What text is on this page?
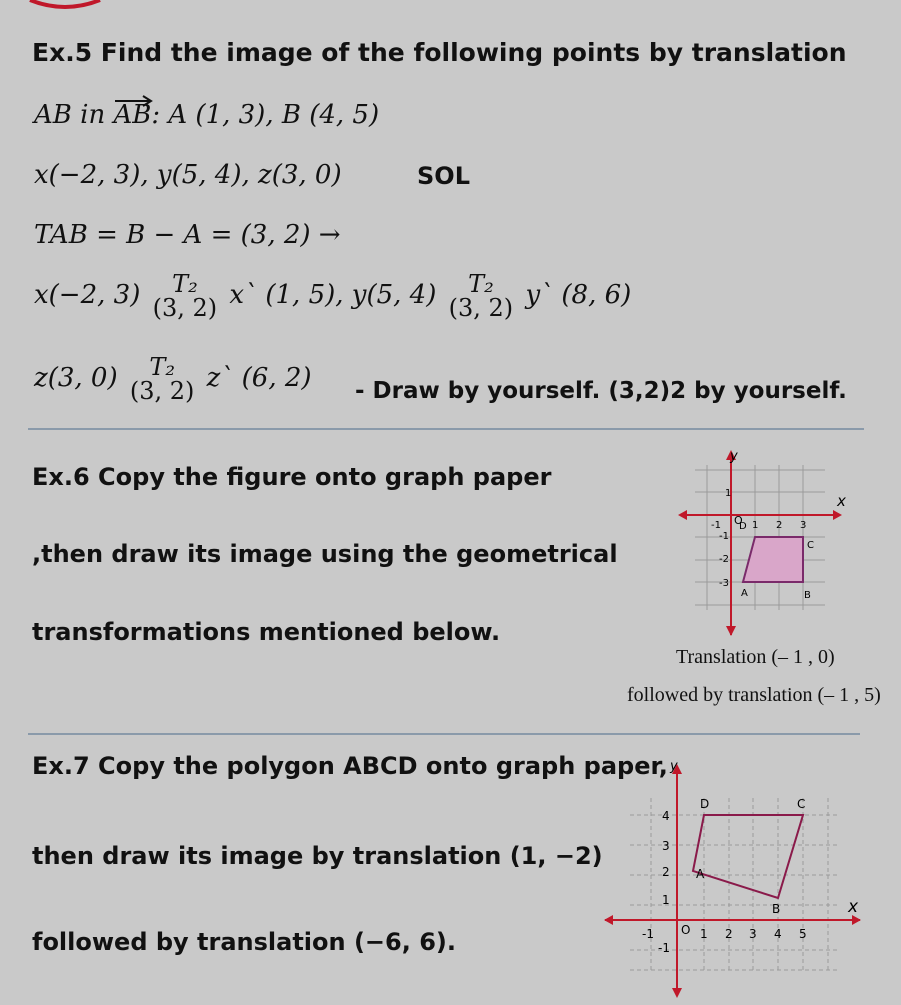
Ex.5 Find the image of the following points by translation
AB in AB: A (1, 3), B (4, 5)
x(−2, 3), y(5, 4), z(3, 0)	SOL
TAB = B − A = (3, 2) →
x(−2, 3)	T₂
(3, 2) x` (1, 5), y(5, 4)	T₂
(3, 2) y` (8, 6)
z(3, 0)	T₂
(3, 2) z` (6, 2) - Draw by yourself. (3,2)2 by yourself.
Ex.6 Copy the figure onto graph paper
,then draw its image using the geometrical
transformations mentioned below.
y
x
O
-1	1 2 3
1
-1
-2
-3
D
C
A	B
Translation (– 1 , 0)
followed by translation (– 1 , 5)
Ex.7 Copy the polygon ABCD onto graph paper,
then draw its image by translation (1, −2)
followed by translation (−6, 6).
y
x
O
-1	1 2 3 4 5
4
3
2
1
-1
D	C
A
B
